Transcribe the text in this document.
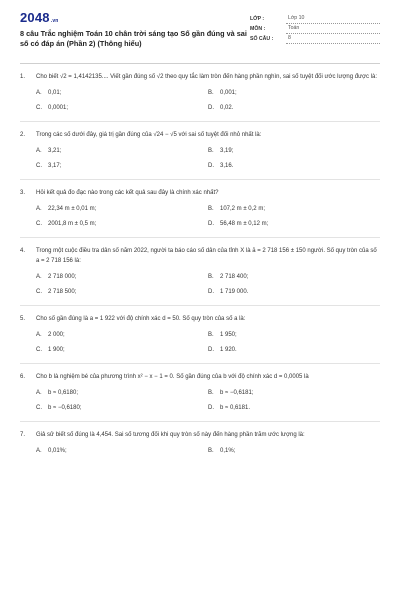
2048.vn
8 câu Trắc nghiệm Toán 10 chân trời sáng tạo Số gần đúng và sai số có đáp án (Phần 2) (Thông hiểu)
LỚP :	Lớp 10
MÔN :	Toán
SỐ CÂU :	8
1.	Cho biết √2 = 1,4142135.... Viết gần đúng số √2 theo quy tắc làm tròn đến hàng phần nghìn, sai số tuyệt đối ước lượng được là:
A.	0,01;	B.	0,001;
C.	0,0001;	D.	0,02.
2.	Trong các số dưới đây, giá trị gần đúng của √24 − √5 với sai số tuyệt đối nhỏ nhất là:
A.	3,21;	B.	3,19;
C.	3,17;	D.	3,16.
3.	Hỏi kết quả đo đạc nào trong các kết quả sau đây là chính xác nhất?
A.	22,34 m ± 0,01 m;	B.	107,2 m ± 0,2 m;
C.	2001,8 m ± 0,5 m;	D.	56,48 m ± 0,12 m;
4.	Trong một cuộc điều tra dân số năm 2022, người ta báo cáo số dân của tỉnh X là ā = 2 718 156 ± 150 người. Số quy tròn của số a = 2 718 156 là:
A.	2 718 000;	B.	2 718 400;
C.	2 718 500;	D.	1 719 000.
5.	Cho số gần đúng là a = 1 922 với độ chính xác d = 50. Số quy tròn của số a là:
A.	2 000;	B.	1 950;
C.	1 900;	D.	1 920.
6.	Cho b là nghiệm bé của phương trình x² − x − 1 = 0. Số gần đúng của b với độ chính xác d = 0,0005 là
A.	b ≈ 0,6180;	B.	b ≈ −0,6181;
C.	b ≈ −0,6180;	D.	b ≈ 0,6181.
7.	Giả sử biết số đúng là 4,454. Sai số tương đối khi quy tròn số này đến hàng phần trăm ước lượng là:
A.	0,01%;	B.	0,1%;
